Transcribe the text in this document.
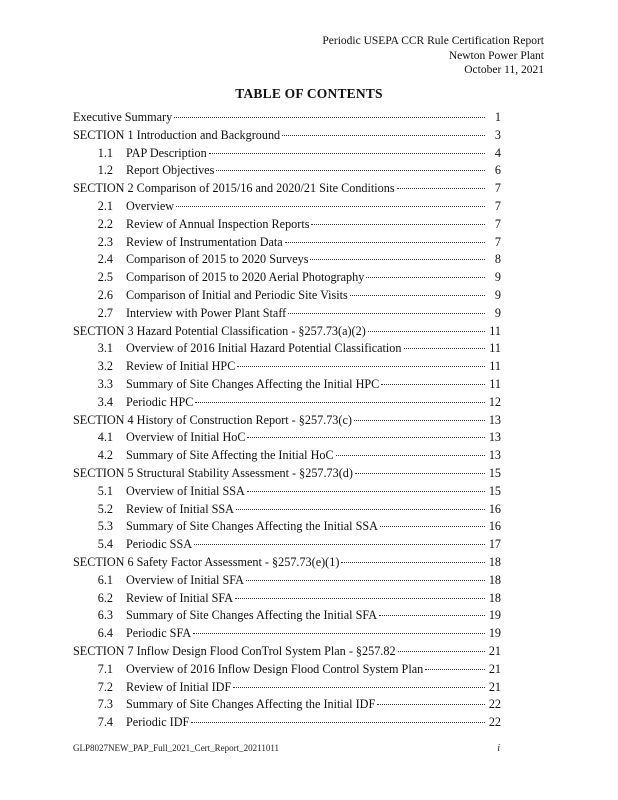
Periodic USEPA CCR Rule Certification Report
Newton Power Plant
October 11, 2021
TABLE OF CONTENTS
Executive Summary	1
SECTION 1 Introduction and Background	3
1.1	PAP Description	4
1.2	Report Objectives	6
SECTION 2 Comparison of 2015/16 and 2020/21 Site Conditions	7
2.1	Overview	7
2.2	Review of Annual Inspection Reports	7
2.3	Review of Instrumentation Data	7
2.4	Comparison of 2015 to 2020 Surveys	8
2.5	Comparison of 2015 to 2020 Aerial Photography	9
2.6	Comparison of Initial and Periodic Site Visits	9
2.7	Interview with Power Plant Staff	9
SECTION 3 Hazard Potential Classification - §257.73(a)(2)	11
3.1	Overview of 2016 Initial Hazard Potential Classification	11
3.2	Review of Initial HPC	11
3.3	Summary of Site Changes Affecting the Initial HPC	11
3.4	Periodic HPC	12
SECTION 4 History of Construction Report - §257.73(c)	13
4.1	Overview of Initial HoC	13
4.2	Summary of Site Affecting the Initial HoC	13
SECTION 5 Structural Stability Assessment - §257.73(d)	15
5.1	Overview of Initial SSA	15
5.2	Review of Initial SSA	16
5.3	Summary of Site Changes Affecting the Initial SSA	16
5.4	Periodic SSA	17
SECTION 6 Safety Factor Assessment - §257.73(e)(1)	18
6.1	Overview of Initial SFA	18
6.2	Review of Initial SFA	18
6.3	Summary of Site Changes Affecting the Initial SFA	19
6.4	Periodic SFA	19
SECTION 7 Inflow Design Flood ConTrol System Plan - §257.82	21
7.1	Overview of 2016 Inflow Design Flood Control System Plan	21
7.2	Review of Initial IDF	21
7.3	Summary of Site Changes Affecting the Initial IDF	22
7.4	Periodic IDF	22
GLP8027NEW_PAP_Full_2021_Cert_Report_20211011	i
